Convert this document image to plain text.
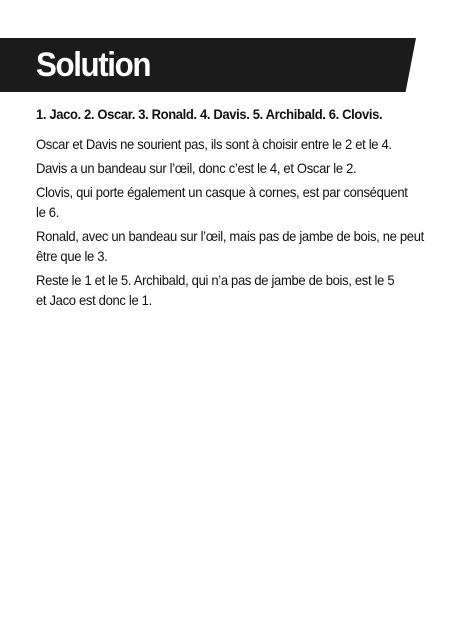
Solution

1. Jaco. 2. Oscar. 3. Ronald. 4. Davis. 5. Archibald. 6. Clovis.

Oscar et Davis ne sourient pas, ils sont à choisir entre le 2 et le 4.

Davis a un bandeau sur l’œil, donc c’est le 4, et Oscar le 2.

Clovis, qui porte également un casque à cornes, est par conséquent le 6.

Ronald, avec un bandeau sur l’œil, mais pas de jambe de bois, ne peut être que le 3.

Reste le 1 et le 5. Archibald, qui n’a pas de jambe de bois, est le 5 et Jaco est donc le 1.
